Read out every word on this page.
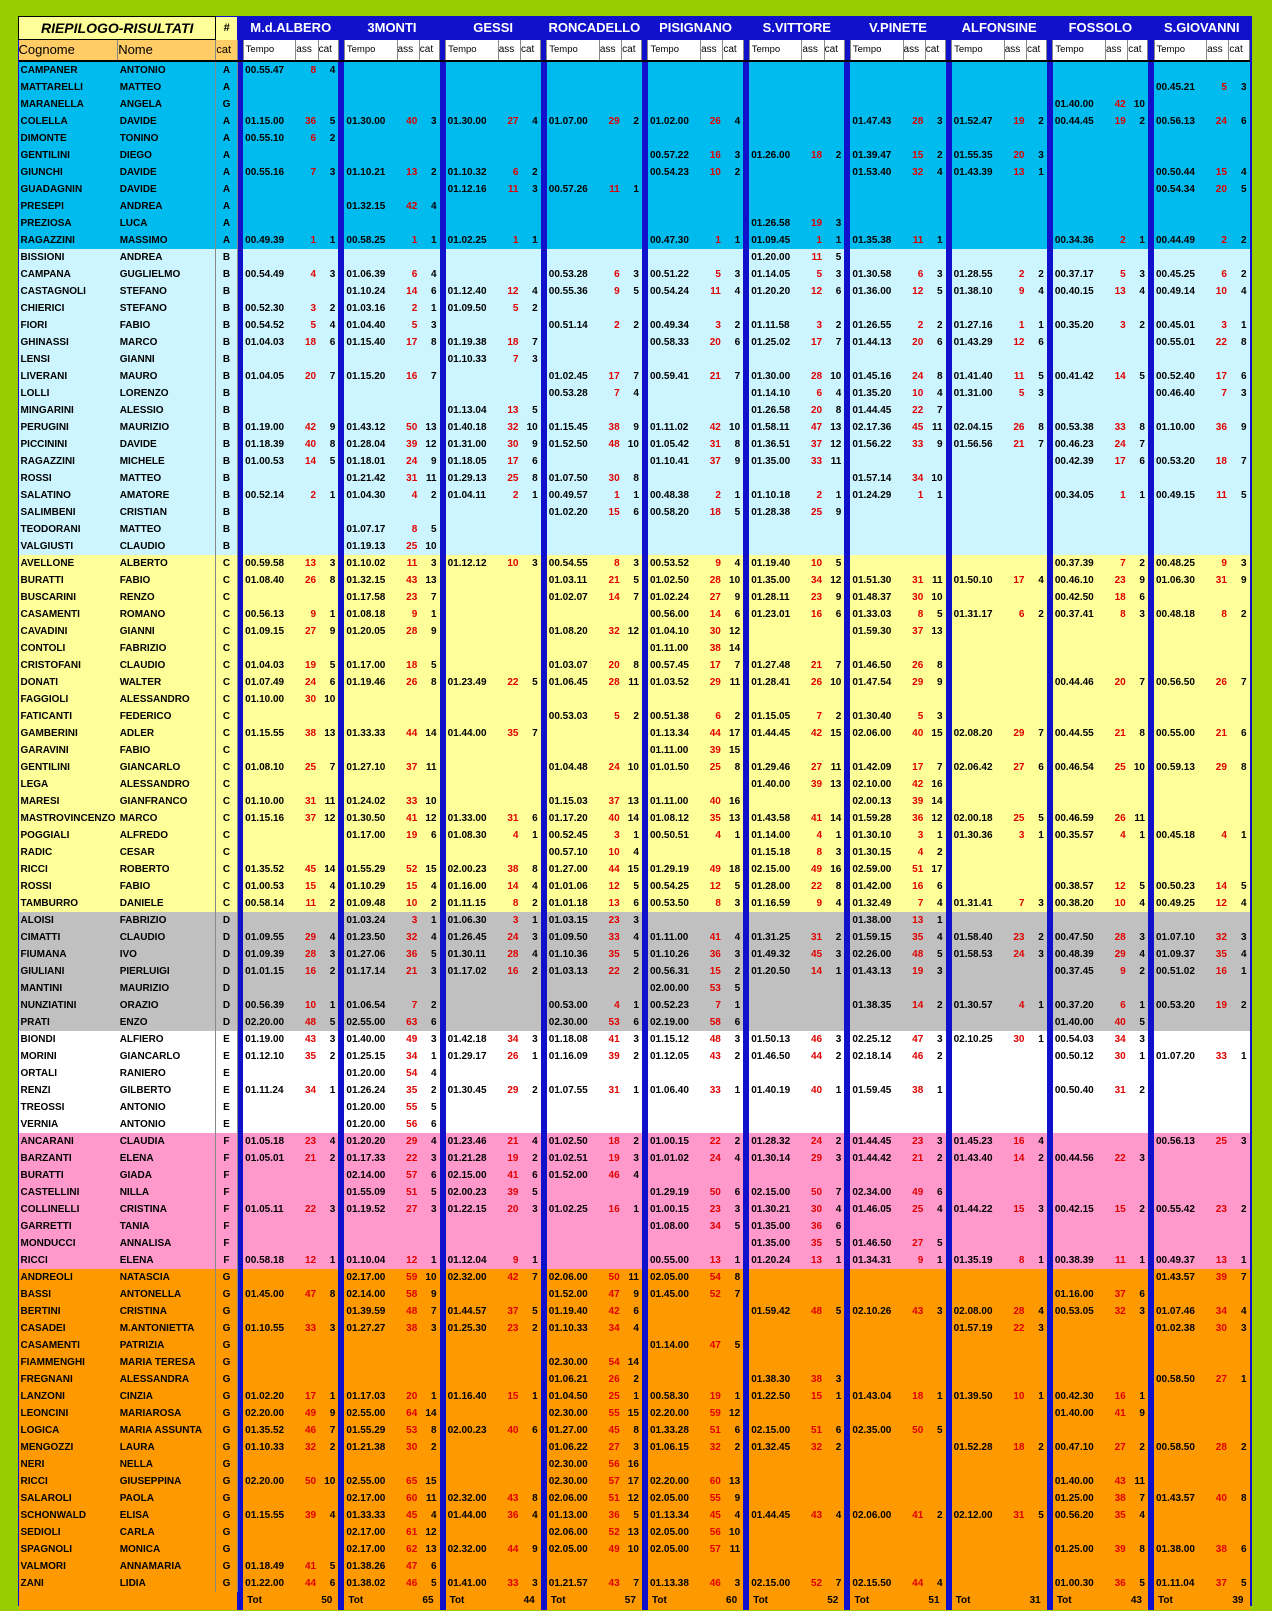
RIEPILOGO-RISULTATI		#		M.d.ALBERO				3MONTI				GESSI				RONCADELLO				PISIGNANO				S.VITTORE				V.PINETE				ALFONSINE				FOSSOLO				S.GIOVANNI		
Cognome	Nome	cat		Tempo	ass	cat		Tempo	ass	cat		Tempo	ass	cat		Tempo	ass	cat		Tempo	ass	cat		Tempo	ass	cat		Tempo	ass	cat		Tempo	ass	cat		Tempo	ass	cat		Tempo	ass	cat
CAMPANER	ANTONIO	A		00.55.47	8	4																																				
MATTARELLI	MATTEO	A																																						00.45.21	5	3
MARANELLA	ANGELA	G																																		01.40.00	42	10				
COLELLA	DAVIDE	A		01.15.00	36	5		01.30.00	40	3		01.30.00	27	4		01.07.00	29	2		01.02.00	26	4						01.47.43	28	3		01.52.47	19	2		00.44.45	19	2		00.56.13	24	6
DIMONTE	TONINO	A		00.55.10	6	2																																				
GENTILINI	DIEGO	A																		00.57.22	16	3		01.26.00	18	2		01.39.47	15	2		01.55.35	20	3								
GIUNCHI	DAVIDE	A		00.55.16	7	3		01.10.21	13	2		01.10.32	6	2						00.54.23	10	2						01.53.40	32	4		01.43.39	13	1						00.50.44	15	4
GUADAGNIN	DAVIDE	A										01.12.16	11	3		00.57.26	11	1																						00.54.34	20	5
PRESEPI	ANDREA	A						01.32.15	42	4																																
PREZIOSA	LUCA	A																						01.26.58	19	3																
RAGAZZINI	MASSIMO	A		00.49.39	1	1		00.58.25	1	1		01.02.25	1	1						00.47.30	1	1		01.09.45	1	1		01.35.38	11	1						00.34.36	2	1		00.44.49	2	2
BISSIONI	ANDREA	B																						01.20.00	11	5																
CAMPANA	GUGLIELMO	B		00.54.49	4	3		01.06.39	6	4						00.53.28	6	3		00.51.22	5	3		01.14.05	5	3		01.30.58	6	3		01.28.55	2	2		00.37.17	5	3		00.45.25	6	2
CASTAGNOLI	STEFANO	B						01.10.24	14	6		01.12.40	12	4		00.55.36	9	5		00.54.24	11	4		01.20.20	12	6		01.36.00	12	5		01.38.10	9	4		00.40.15	13	4		00.49.14	10	4
CHIERICI	STEFANO	B		00.52.30	3	2		01.03.16	2	1		01.09.50	5	2																												
FIORI	FABIO	B		00.54.52	5	4		01.04.40	5	3						00.51.14	2	2		00.49.34	3	2		01.11.58	3	2		01.26.55	2	2		01.27.16	1	1		00.35.20	3	2		00.45.01	3	1
GHINASSI	MARCO	B		01.04.03	18	6		01.15.40	17	8		01.19.38	18	7						00.58.33	20	6		01.25.02	17	7		01.44.13	20	6		01.43.29	12	6						00.55.01	22	8
LENSI	GIANNI	B										01.10.33	7	3																												
LIVERANI	MAURO	B		01.04.05	20	7		01.15.20	16	7						01.02.45	17	7		00.59.41	21	7		01.30.00	28	10		01.45.16	24	8		01.41.40	11	5		00.41.42	14	5		00.52.40	17	6
LOLLI	LORENZO	B														00.53.28	7	4						01.14.10	6	4		01.35.20	10	4		01.31.00	5	3						00.46.40	7	3
MINGARINI	ALESSIO	B										01.13.04	13	5										01.26.58	20	8		01.44.45	22	7												
PERUGINI	MAURIZIO	B		01.19.00	42	9		01.43.12	50	13		01.40.18	32	10		01.15.45	38	9		01.11.02	42	10		01.58.11	47	13		02.17.36	45	11		02.04.15	26	8		00.53.38	33	8		01.10.00	36	9
PICCININI	DAVIDE	B		01.18.39	40	8		01.28.04	39	12		01.31.00	30	9		01.52.50	48	10		01.05.42	31	8		01.36.51	37	12		01.56.22	33	9		01.56.56	21	7		00.46.23	24	7				
RAGAZZINI	MICHELE	B		01.00.53	14	5		01.18.01	24	9		01.18.05	17	6						01.10.41	37	9		01.35.00	33	11										00.42.39	17	6		00.53.20	18	7
ROSSI	MATTEO	B						01.21.42	31	11		01.29.13	25	8		01.07.50	30	8										01.57.14	34	10												
SALATINO	AMATORE	B		00.52.14	2	1		01.04.30	4	2		01.04.11	2	1		00.49.57	1	1		00.48.38	2	1		01.10.18	2	1		01.24.29	1	1						00.34.05	1	1		00.49.15	11	5
SALIMBENI	CRISTIAN	B														01.02.20	15	6		00.58.20	18	5		01.28.38	25	9																
TEODORANI	MATTEO	B						01.07.17	8	5																																
VALGIUSTI	CLAUDIO	B						01.19.13	25	10																																
AVELLONE	ALBERTO	C		00.59.58	13	3		01.10.02	11	3		01.12.12	10	3		00.54.55	8	3		00.53.52	9	4		01.19.40	10	5										00.37.39	7	2		00.48.25	9	3
BURATTI	FABIO	C		01.08.40	26	8		01.32.15	43	13						01.03.11	21	5		01.02.50	28	10		01.35.00	34	12		01.51.30	31	11		01.50.10	17	4		00.46.10	23	9		01.06.30	31	9
BUSCARINI	RENZO	C						01.17.58	23	7						01.02.07	14	7		01.02.24	27	9		01.28.11	23	9		01.48.37	30	10						00.42.50	18	6				
CASAMENTI	ROMANO	C		00.56.13	9	1		01.08.18	9	1										00.56.00	14	6		01.23.01	16	6		01.33.03	8	5		01.31.17	6	2		00.37.41	8	3		00.48.18	8	2
CAVADINI	GIANNI	C		01.09.15	27	9		01.20.05	28	9						01.08.20	32	12		01.04.10	30	12						01.59.30	37	13												
CONTOLI	FABRIZIO	C																		01.11.00	38	14																				
CRISTOFANI	CLAUDIO	C		01.04.03	19	5		01.17.00	18	5						01.03.07	20	8		00.57.45	17	7		01.27.48	21	7		01.46.50	26	8												
DONATI	WALTER	C		01.07.49	24	6		01.19.46	26	8		01.23.49	22	5		01.06.45	28	11		01.03.52	29	11		01.28.41	26	10		01.47.54	29	9						00.44.46	20	7		00.56.50	26	7
FAGGIOLI	ALESSANDRO	C		01.10.00	30	10																																				
FATICANTI	FEDERICO	C														00.53.03	5	2		00.51.38	6	2		01.15.05	7	2		01.30.40	5	3												
GAMBERINI	ADLER	C		01.15.55	38	13		01.33.33	44	14		01.44.00	35	7						01.13.34	44	17		01.44.45	42	15		02.06.00	40	15		02.08.20	29	7		00.44.55	21	8		00.55.00	21	6
GARAVINI	FABIO	C																		01.11.00	39	15																				
GENTILINI	GIANCARLO	C		01.08.10	25	7		01.27.10	37	11						01.04.48	24	10		01.01.50	25	8		01.29.46	27	11		01.42.09	17	7		02.06.42	27	6		00.46.54	25	10		00.59.13	29	8
LEGA	ALESSANDRO	C																						01.40.00	39	13		02.10.00	42	16												
MARESI	GIANFRANCO	C		01.10.00	31	11		01.24.02	33	10						01.15.03	37	13		01.11.00	40	16						02.00.13	39	14												
MASTROVINCENZO	MARCO	C		01.15.16	37	12		01.30.50	41	12		01.33.00	31	6		01.17.20	40	14		01.08.12	35	13		01.43.58	41	14		01.59.28	36	12		02.00.18	25	5		00.46.59	26	11				
POGGIALI	ALFREDO	C						01.17.00	19	6		01.08.30	4	1		00.52.45	3	1		00.50.51	4	1		01.14.00	4	1		01.30.10	3	1		01.30.36	3	1		00.35.57	4	1		00.45.18	4	1
RADIC	CESAR	C														00.57.10	10	4						01.15.18	8	3		01.30.15	4	2												
RICCI	ROBERTO	C		01.35.52	45	14		01.55.29	52	15		02.00.23	38	8		01.27.00	44	15		01.29.19	49	18		02.15.00	49	16		02.59.00	51	17												
ROSSI	FABIO	C		01.00.53	15	4		01.10.29	15	4		01.16.00	14	4		01.01.06	12	5		00.54.25	12	5		01.28.00	22	8		01.42.00	16	6						00.38.57	12	5		00.50.23	14	5
TAMBURRO	DANIELE	C		00.58.14	11	2		01.09.48	10	2		01.11.15	8	2		01.01.18	13	6		00.53.50	8	3		01.16.59	9	4		01.32.49	7	4		01.31.41	7	3		00.38.20	10	4		00.49.25	12	4
ALOISI	FABRIZIO	D						01.03.24	3	1		01.06.30	3	1		01.03.15	23	3										01.38.00	13	1												
CIMATTI	CLAUDIO	D		01.09.55	29	4		01.23.50	32	4		01.26.45	24	3		01.09.50	33	4		01.11.00	41	4		01.31.25	31	2		01.59.15	35	4		01.58.40	23	2		00.47.50	28	3		01.07.10	32	3
FIUMANA	IVO	D		01.09.39	28	3		01.27.06	36	5		01.30.11	28	4		01.10.36	35	5		01.10.26	36	3		01.49.32	45	3		02.26.00	48	5		01.58.53	24	3		00.48.39	29	4		01.09.37	35	4
GIULIANI	PIERLUIGI	D		01.01.15	16	2		01.17.14	21	3		01.17.02	16	2		01.03.13	22	2		00.56.31	15	2		01.20.50	14	1		01.43.13	19	3						00.37.45	9	2		00.51.02	16	1
MANTINI	MAURIZIO	D																		02.00.00	53	5																				
NUNZIATINI	ORAZIO	D		00.56.39	10	1		01.06.54	7	2						00.53.00	4	1		00.52.23	7	1						01.38.35	14	2		01.30.57	4	1		00.37.20	6	1		00.53.20	19	2
PRATI	ENZO	D		02.20.00	48	5		02.55.00	63	6						02.30.00	53	6		02.19.00	58	6														01.40.00	40	5				
BIONDI	ALFIERO	E		01.19.00	43	3		01.40.00	49	3		01.42.18	34	3		01.18.08	41	3		01.15.12	48	3		01.50.13	46	3		02.25.12	47	3		02.10.25	30	1		00.54.03	34	3				
MORINI	GIANCARLO	E		01.12.10	35	2		01.25.15	34	1		01.29.17	26	1		01.16.09	39	2		01.12.05	43	2		01.46.50	44	2		02.18.14	46	2						00.50.12	30	1		01.07.20	33	1
ORTALI	RANIERO	E						01.20.00	54	4																																
RENZI	GILBERTO	E		01.11.24	34	1		01.26.24	35	2		01.30.45	29	2		01.07.55	31	1		01.06.40	33	1		01.40.19	40	1		01.59.45	38	1						00.50.40	31	2				
TREOSSI	ANTONIO	E						01.20.00	55	5																																
VERNIA	ANTONIO	E						01.20.00	56	6																																
ANCARANI	CLAUDIA	F		01.05.18	23	4		01.20.20	29	4		01.23.46	21	4		01.02.50	18	2		01.00.15	22	2		01.28.32	24	2		01.44.45	23	3		01.45.23	16	4						00.56.13	25	3
BARZANTI	ELENA	F		01.05.01	21	2		01.17.33	22	3		01.21.28	19	2		01.02.51	19	3		01.01.02	24	4		01.30.14	29	3		01.44.42	21	2		01.43.40	14	2		00.44.56	22	3				
BURATTI	GIADA	F						02.14.00	57	6		02.15.00	41	6		01.52.00	46	4																								
CASTELLINI	NILLA	F						01.55.09	51	5		02.00.23	39	5						01.29.19	50	6		02.15.00	50	7		02.34.00	49	6												
COLLINELLI	CRISTINA	F		01.05.11	22	3		01.19.52	27	3		01.22.15	20	3		01.02.25	16	1		01.00.15	23	3		01.30.21	30	4		01.46.05	25	4		01.44.22	15	3		00.42.15	15	2		00.55.42	23	2
GARRETTI	TANIA	F																		01.08.00	34	5		01.35.00	36	6																
MONDUCCI	ANNALISA	F																						01.35.00	35	5		01.46.50	27	5												
RICCI	ELENA	F		00.58.18	12	1		01.10.04	12	1		01.12.04	9	1						00.55.00	13	1		01.20.24	13	1		01.34.31	9	1		01.35.19	8	1		00.38.39	11	1		00.49.37	13	1
ANDREOLI	NATASCIA	G						02.17.00	59	10		02.32.00	42	7		02.06.00	50	11		02.05.00	54	8																		01.43.57	39	7
BASSI	ANTONELLA	G		01.45.00	47	8		02.14.00	58	9						01.52.00	47	9		01.45.00	52	7														01.16.00	37	6				
BERTINI	CRISTINA	G						01.39.59	48	7		01.44.57	37	5		01.19.40	42	6						01.59.42	48	5		02.10.26	43	3		02.08.00	28	4		00.53.05	32	3		01.07.46	34	4
CASADEI	M.ANTONIETTA	G		01.10.55	33	3		01.27.27	38	3		01.25.30	23	2		01.10.33	34	4														01.57.19	22	3						01.02.38	30	3
CASAMENTI	PATRIZIA	G																		01.14.00	47	5																				
FIAMMENGHI	MARIA TERESA	G														02.30.00	54	14																								
FREGNANI	ALESSANDRA	G														01.06.21	26	2						01.38.30	38	3														00.58.50	27	1
LANZONI	CINZIA	G		01.02.20	17	1		01.17.03	20	1		01.16.40	15	1		01.04.50	25	1		00.58.30	19	1		01.22.50	15	1		01.43.04	18	1		01.39.50	10	1		00.42.30	16	1				
LEONCINI	MARIAROSA	G		02.20.00	49	9		02.55.00	64	14						02.30.00	55	15		02.20.00	59	12														01.40.00	41	9				
LOGICA	MARIA ASSUNTA	G		01.35.52	46	7		01.55.29	53	8		02.00.23	40	6		01.27.00	45	8		01.33.28	51	6		02.15.00	51	6		02.35.00	50	5												
MENGOZZI	LAURA	G		01.10.33	32	2		01.21.38	30	2						01.06.22	27	3		01.06.15	32	2		01.32.45	32	2						01.52.28	18	2		00.47.10	27	2		00.58.50	28	2
NERI	NELLA	G														02.30.00	56	16																								
RICCI	GIUSEPPINA	G		02.20.00	50	10		02.55.00	65	15						02.30.00	57	17		02.20.00	60	13														01.40.00	43	11				
SALAROLI	PAOLA	G						02.17.00	60	11		02.32.00	43	8		02.06.00	51	12		02.05.00	55	9														01.25.00	38	7		01.43.57	40	8
SCHONWALD	ELISA	G		01.15.55	39	4		01.33.33	45	4		01.44.00	36	4		01.13.00	36	5		01.13.34	45	4		01.44.45	43	4		02.06.00	41	2		02.12.00	31	5		00.56.20	35	4				
SEDIOLI	CARLA	G						02.17.00	61	12						02.06.00	52	13		02.05.00	56	10																				
SPAGNOLI	MONICA	G						02.17.00	62	13		02.32.00	44	9		02.05.00	49	10		02.05.00	57	11														01.25.00	39	8		01.38.00	38	6
VALMORI	ANNAMARIA	G		01.18.49	41	5		01.38.26	47	6																																
ZANI	LIDIA	G		01.22.00	44	6		01.38.02	46	5		01.41.00	33	3		01.21.57	43	7		01.13.38	46	3		02.15.00	52	7		02.15.50	44	4						01.00.30	36	5		01.11.04	37	5
				Tot	50			Tot	65			Tot	44			Tot	57			Tot	60			Tot	52			Tot	51			Tot	31			Tot	43			Tot	39	
